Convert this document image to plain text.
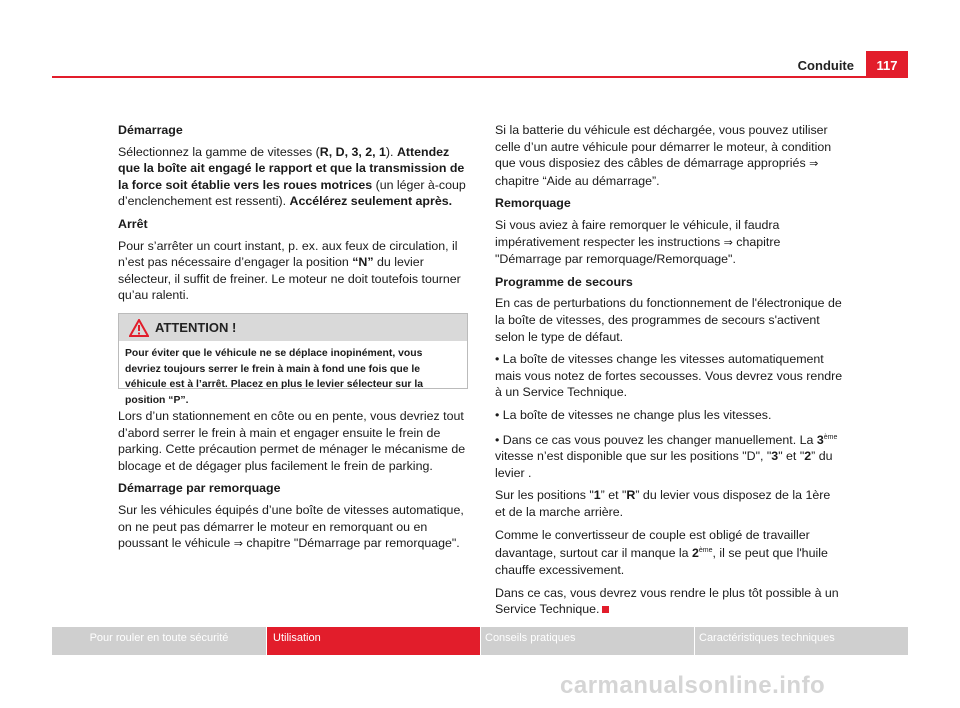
Conduite	117
Démarrage

Sélectionnez la gamme de vitesses (R, D, 3, 2, 1). Attendez que la boîte ait engagé le rapport et que la transmission de la force soit établie vers les roues motrices (un léger à-coup d’enclenchement est ressenti). Accélérez seulement après.

Arrêt

Pour s’arrêter un court instant, p. ex. aux feux de circulation, il n’est pas nécessaire d’engager la position “N” du levier sélecteur, il suffit de freiner. Le moteur ne doit toutefois tourner qu’au ralenti.

ATTENTION !
Pour éviter que le véhicule ne se déplace inopinément, vous devriez toujours serrer le frein à main à fond une fois que le véhicule est à l’arrêt. Placez en plus le levier sélecteur sur la position “P”.

Lors d’un stationnement en côte ou en pente, vous devriez tout d’abord serrer le frein à main et engager ensuite le frein de parking. Cette précaution permet de ménager le mécanisme de blocage et de dégager plus facilement le frein de parking.

Démarrage par remorquage

Sur les véhicules équipés d’une boîte de vitesses automatique, on ne peut pas démarrer le moteur en remorquant ou en poussant le véhicule ⇒ chapitre "Démarrage par remorquage".

Si la batterie du véhicule est déchargée, vous pouvez utiliser celle d’un autre véhicule pour démarrer le moteur, à condition que vous disposiez des câbles de démarrage appropriés ⇒ chapitre “Aide au démarrage”.

Remorquage

Si vous aviez à faire remorquer le véhicule, il faudra impérativement respecter les instructions ⇒ chapitre "Démarrage par remorquage/Remorquage".

Programme de secours

En cas de perturbations du fonctionnement de l'électronique de la boîte de vitesses, des programmes de secours s'activent selon le type de défaut.

• La boîte de vitesses change les vitesses automatiquement mais vous notez de fortes secousses. Vous devrez vous rendre à un Service Technique.

• La boîte de vitesses ne change plus les vitesses.

• Dans ce cas vous pouvez les changer manuellement. La 3ème vitesse n’est disponible que sur les positions "D", "3" et "2” du levier .

Sur les positions "1” et "R” du levier vous disposez de la 1ère et de la marche arrière.

Comme le convertisseur de couple est obligé de travailler davantage, surtout car il manque la 2ème, il se peut que l'huile chauffe excessivement.

Dans ce cas, vous devrez vous rendre le plus tôt possible à un Service Technique.

Pour rouler en toute sécurité	Utilisation	Conseils pratiques	Caractéristiques techniques
carmanualsonline.info
